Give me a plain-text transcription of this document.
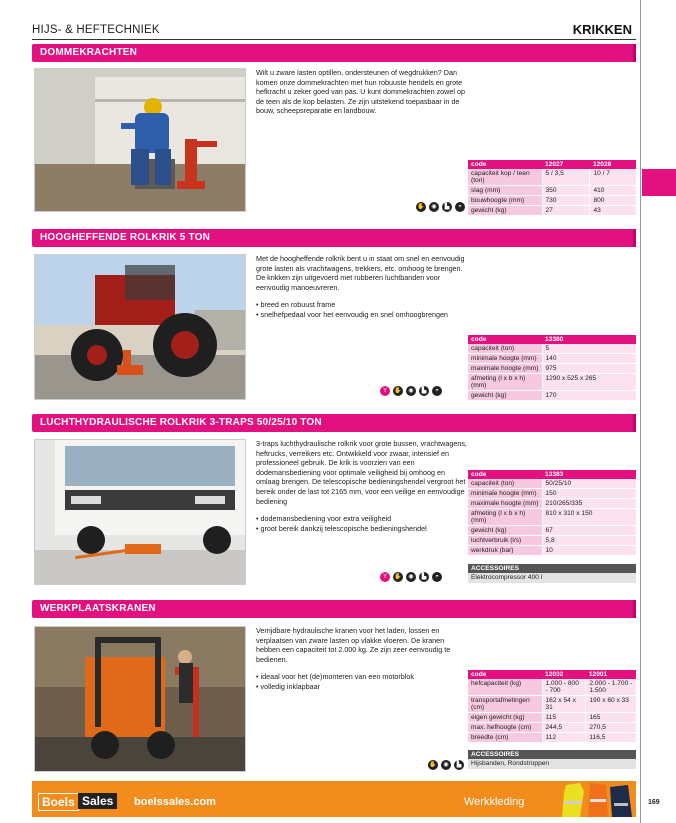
HIJS- & HEFTECHNIEK	KRIKKEN
DOMMEKRACHTEN

Wilt u zware lasten optillen, ondersteunen of wegdrukken? Dan komen onze dommekrachten met hun robuuste hendels en grote hefkracht u zeker goed van pas. U kunt dommekrachten zowel op de teen als de kop belasten. Ze zijn uitstekend toepasbaar in de bouw, scheepsreparatie en landbouw.

code	12027	12028
capaciteit kop / teen (ton)	5 / 3,5	10 / 7
slag (mm)	350	410
bouwhoogte (mm)	730	800
gewicht (kg)	27	43
✋	◉	▙	◓
HOOGHEFFENDE ROLKRIK 5 TON

Met de hoogheffende rolkrik bent u in staat om snel en eenvoudig grote lasten als vrachtwagens, trekkers, etc. omhoog te brengen. De krikken zijn uitgevoerd met rubberen luchtbanden voor eenvoudig manoeuvreren.

• breed en robuust frame
• snelhefpedaal voor het eenvoudig en snel omhoogbrengen
code	13380
capaciteit (ton)	5
minimale hoogte (mm)	140
maximale hoogte (mm)	975
afmeting (l x b x h) (mm)	1290 x 525 x 265
gewicht (kg)	170
Y	✋	◉	▙	◓
LUCHTHYDRAULISCHE ROLKRIK 3-TRAPS 50/25/10 TON

3-traps luchthydraulische rolkrik voor grote bussen, vrachtwagens, heftrucks, verreikers etc. Ontwikkeld voor zwaar, intensief en professioneel gebruik. De krik is voorzien van een dodemansbediening voor optimale veiligheid bij omhoog en omlaag brengen. De telescopische bedieningshendel vergroot het bereik onder de last tot 2165 mm, voor een veilige en eenvoudige bediening

• dodemansbediening voor extra veiligheid
• groot bereik dankzij telescopische bedieningshendel
code	13383
capaciteit (ton)	50/25/10
minimale hoogte (mm)	150
maximale hoogte (mm)	210/265/335
afmeting (l x b x h) (mm)	810 x 310 x 150
gewicht (kg)	67
luchtverbruik (l/s)	5,8
werkdruk (bar)	10
ACCESSOIRES
Elektrocompressor 400 l
Y	✋	◉	▙	◓
WERKPLAATSKRANEN

Verrijdbare hydraulische kranen voor het laden, lossen en verplaatsen van zware lasten op vlakke vloeren. De kranen hebben een capaciteit tot 2.000 kg. Ze zijn zeer eenvoudig te bedienen.

• ideaal voor het (de)monteren van een motorblok
• volledig inklapbaar
code	12032	12001
hefcapaciteit (kg)	1.000 - 800 - 700	2.000 - 1.700 - 1.500
transportafmetingen (cm)	162 x 54 x 31	190 x 60 x 33
eigen gewicht (kg)	115	165
max. hefhoogte (cm)	244,5	270,5
breedte (cm)	112	116,5
ACCESSOIRES
Hijsbanden, Rondstroppen
✋	◉	▙
Boels Sales	boelssales.com	Werkkleding	169
